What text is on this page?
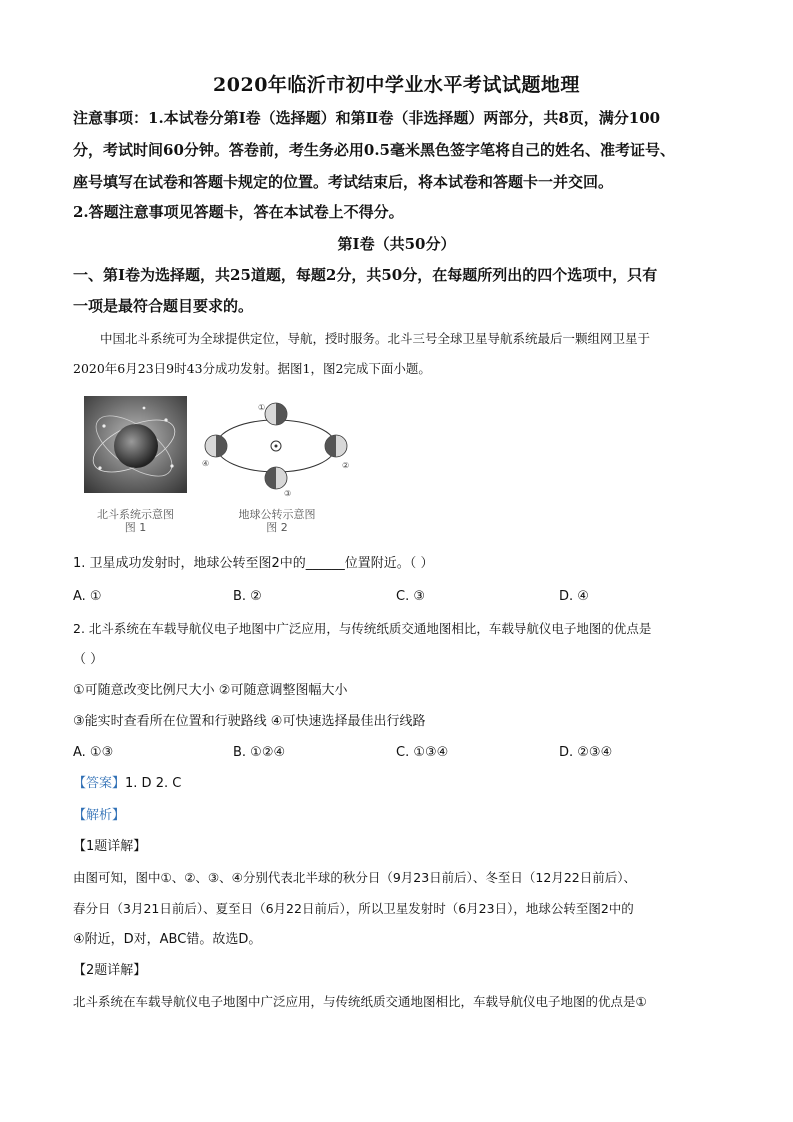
2020年临沂市初中学业水平考试试题地理
注意事项：1.本试卷分第Ⅰ卷（选择题）和第Ⅱ卷（非选择题）两部分，共8页，满分100
分，考试时间60分钟。答卷前，考生务必用0.5毫米黑色签字笔将自己的姓名、准考证号、
座号填写在试卷和答题卡规定的位置。考试结束后，将本试卷和答题卡一并交回。
2.答题注意事项见答题卡，答在本试卷上不得分。
第Ⅰ卷（共50分）
一、第Ⅰ卷为选择题，共25道题，每题2分，共50分，在每题所列出的四个选项中，只有
一项是最符合题目要求的。
中国北斗系统可为全球提供定位，导航，授时服务。北斗三号全球卫星导航系统最后一颗组网卫星于
2020年6月23日9时43分成功发射。据图1，图2完成下面小题。
北斗系统示意图
图 1
①
②
③
④
地球公转示意图
图 2
1. 卫星成功发射时，地球公转至图2中的______位置附近。（ ）
A. ①	B. ②	C. ③	D. ④
2. 北斗系统在车载导航仪电子地图中广泛应用，与传统纸质交通地图相比，车载导航仪电子地图的优点是
（ ）
①可随意改变比例尺大小 ②可随意调整图幅大小
③能实时查看所在位置和行驶路线 ④可快速选择最佳出行线路
A. ①③	B. ①②④	C. ①③④	D. ②③④
【答案】1. D 2. C
【解析】
【1题详解】
由图可知，图中①、②、③、④分别代表北半球的秋分日（9月23日前后）、冬至日（12月22日前后）、
春分日（3月21日前后）、夏至日（6月22日前后），所以卫星发射时（6月23日），地球公转至图2中的
④附近，D对，ABC错。故选D。
【2题详解】
北斗系统在车载导航仪电子地图中广泛应用，与传统纸质交通地图相比，车载导航仪电子地图的优点是①
